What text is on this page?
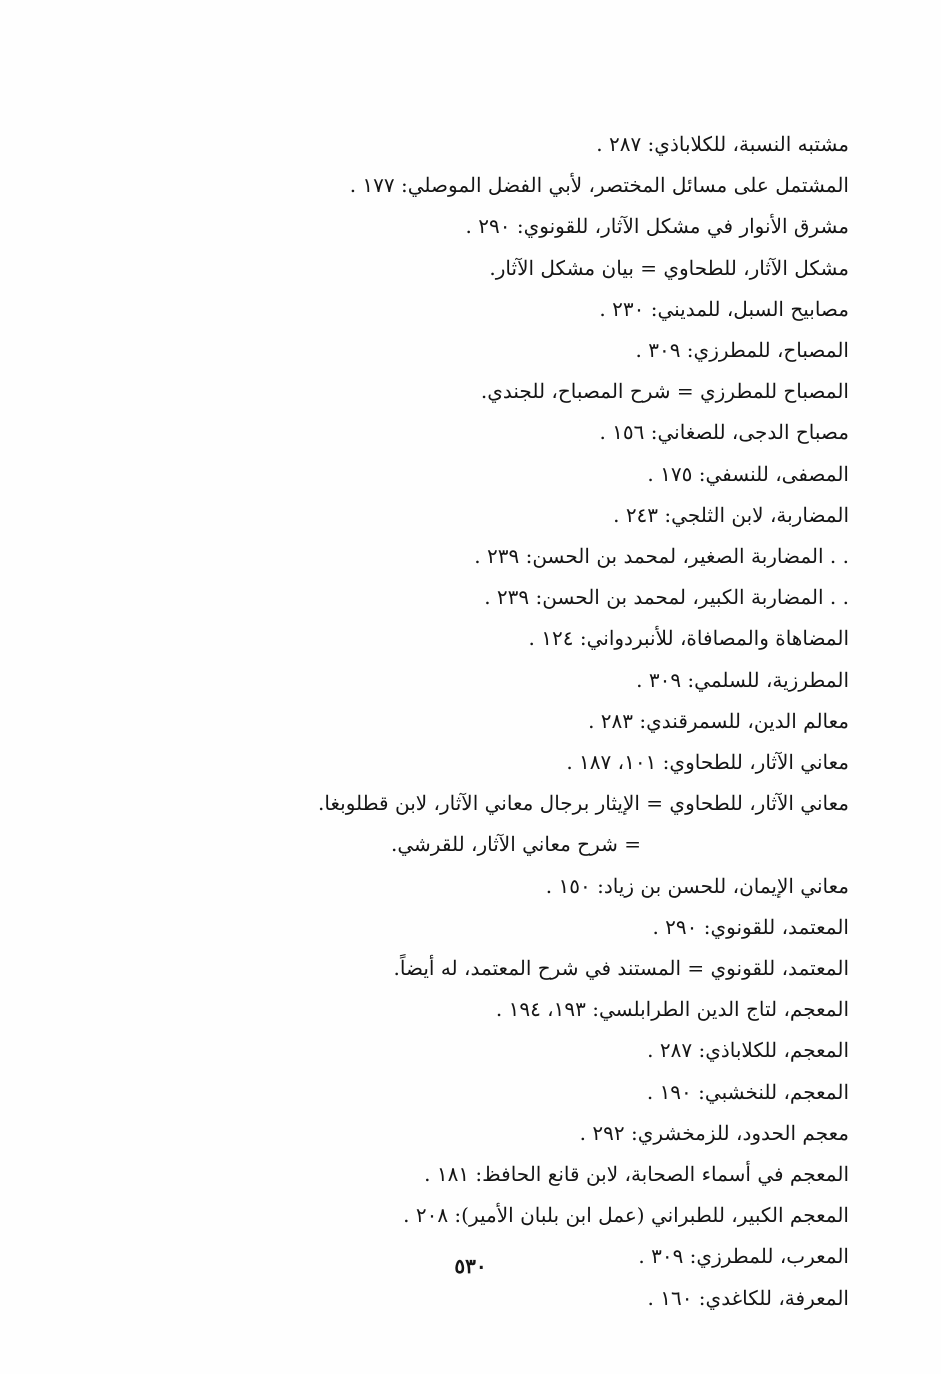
مشتبه النسبة، للكلاباذي: ٢٨٧ .
المشتمل على مسائل المختصر، لأبي الفضل الموصلي: ١٧٧ .
مشرق الأنوار في مشكل الآثار، للقونوي: ٢٩٠ .
مشكل الآثار، للطحاوي = بيان مشكل الآثار.
مصابيح السبل، للمديني: ٢٣٠ .
المصباح، للمطرزي: ٣٠٩ .
المصباح للمطرزي = شرح المصباح، للجندي.
مصباح الدجى، للصغاني: ١٥٦ .
المصفى، للنسفي: ١٧٥ .
المضاربة، لابن الثلجي: ٢٤٣ .
. . المضاربة الصغير، لمحمد بن الحسن: ٢٣٩ .
. . المضاربة الكبير، لمحمد بن الحسن: ٢٣٩ .
المضاهاة والمصافاة، للأنبردواني: ١٢٤ .
المطرزية، للسلمي: ٣٠٩ .
معالم الدين، للسمرقندي: ٢٨٣ .
معاني الآثار، للطحاوي: ١٠١، ١٨٧ .
معاني الآثار، للطحاوي = الإيثار برجال معاني الآثار، لابن قطلوبغا.
= شرح معاني الآثار، للقرشي.
معاني الإيمان، للحسن بن زياد: ١٥٠ .
المعتمد، للقونوي: ٢٩٠ .
المعتمد، للقونوي = المستند في شرح المعتمد، له أيضاً.
المعجم، لتاج الدين الطرابلسي: ١٩٣، ١٩٤ .
المعجم، للكلاباذي: ٢٨٧ .
المعجم، للنخشبي: ١٩٠ .
معجم الحدود، للزمخشري: ٢٩٢ .
المعجم في أسماء الصحابة، لابن قانع الحافظ: ١٨١ .
المعجم الكبير، للطبراني (عمل ابن بلبان الأمير): ٢٠٨ .
المعرب، للمطرزي: ٣٠٩ .
المعرفة، للكاغدي: ١٦٠ .
٥٣٠
